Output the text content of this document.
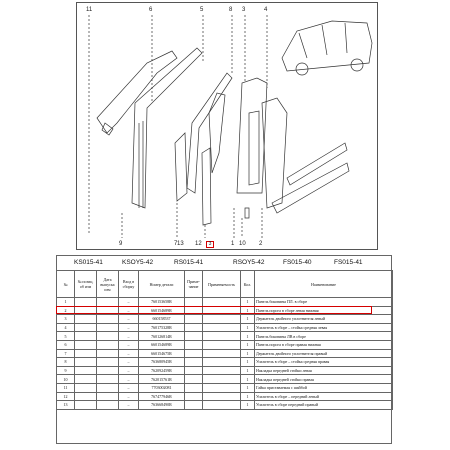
11	6	5	8 3	4
9	7 13 12	1 10 2
3
KS015-41	KSOY5-42	RS015-41	RSOY5-42	FS015-40	FS015-41
№	№ позиц. об изм	Дата выпуска изм	Вход в сборку	Номер детали	Приме-чание	Применяемость	Кол.	Наименование
1			–	760153658R			1	Панель боковины ПЛ. в сборе
2			–	660154689R			1	Панель порога в сборе левая нижняя
3			–	660158537			1	Держатель двойного уплотнителя левый
4			–	760175328R			1	Усилитель в сборе – стойка средняя левая
5			–	760126814R			1	Панель боковины ЛВ в сборе
6			–	660154689R			1	Панель порога в сборе правая нижняя
7			–	660154675R			1	Держатель двойного уплотнителя правый
8			–	763680945R			1	Усилитель в сборе – стойка средняя правая
9			–	762092459R			1	Накладка передней стойки левая
10			–	762015761R			1	Накладка передней стойки правая
11			–	7703002081			1	Гайка приставаемая с шайбой
12			–	767477946R			1	Усилитель в сборе – передний левый
13			–	763668490R			1	Усилитель в сборе передний правый
